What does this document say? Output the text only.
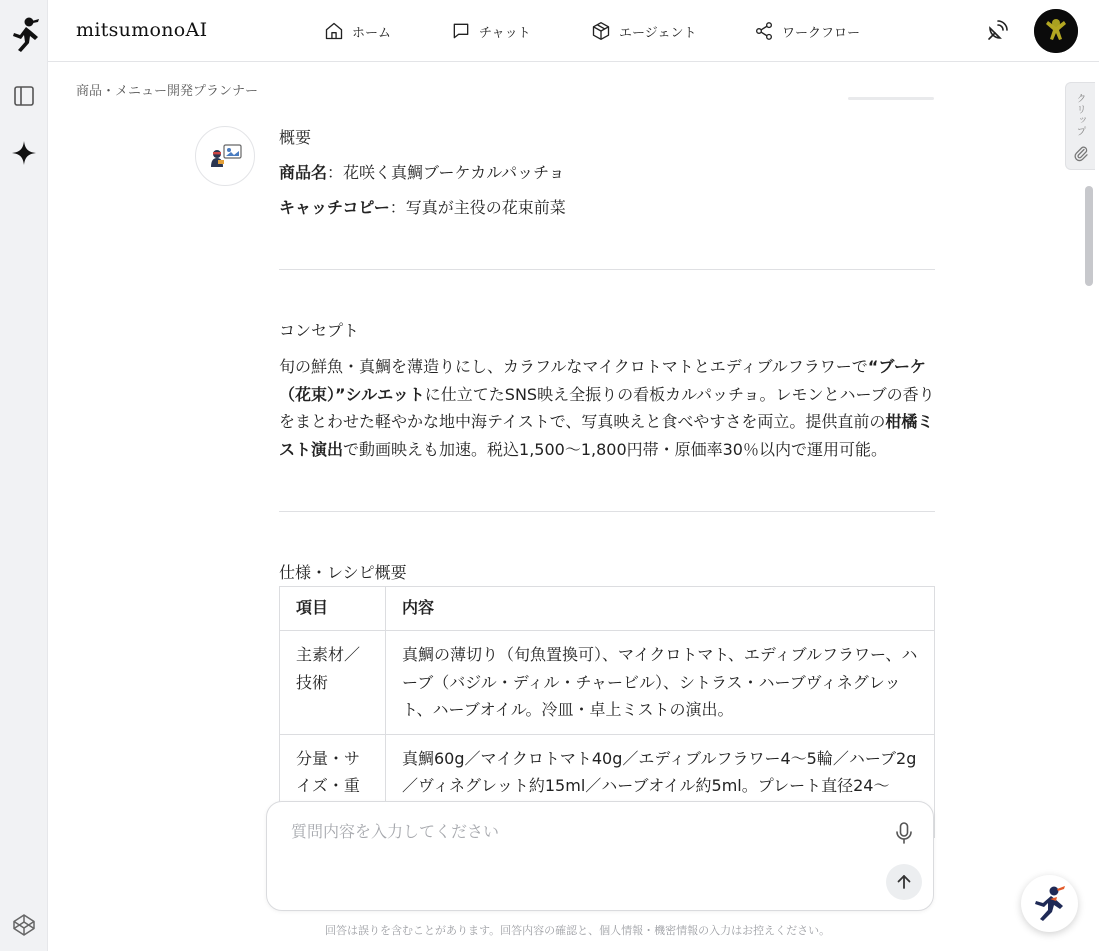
mitsumonoAI	ホーム	チャット	エージェント	ワークフロー
商品・メニュー開発プランナー
概要
商品名：花咲く真鯛ブーケカルパッチョ
キャッチコピー：写真が主役の花束前菜
コンセプト
旬の鮮魚・真鯛を薄造りにし、カラフルなマイクロトマトとエディブルフラワーで“ブーケ（花束）”シルエットに仕立てたSNS映え全振りの看板カルパッチョ。レモンとハーブの香りをまとわせた軽やかな地中海テイストで、写真映えと食べやすさを両立。提供直前の柑橘ミスト演出で動画映えも加速。税込1,500〜1,800円帯・原価率30％以内で運用可能。
仕様・レシピ概要
項目	内容
主素材／技術	真鯛の薄切り（旬魚置換可）、マイクロトマト、エディブルフラワー、ハーブ（バジル・ディル・チャービル）、シトラス・ハーブヴィネグレット、ハーブオイル。冷皿・卓上ミストの演出。
分量・サイズ・重	真鯛60g／マイクロトマト40g／エディブルフラワー4〜5輪／ハーブ2g／ヴィネグレット約15ml／ハーブオイル約5ml。プレート直径24〜
クリップ
質問内容を入力してください
回答は誤りを含むことがあります。回答内容の確認と、個人情報・機密情報の入力はお控えください。
